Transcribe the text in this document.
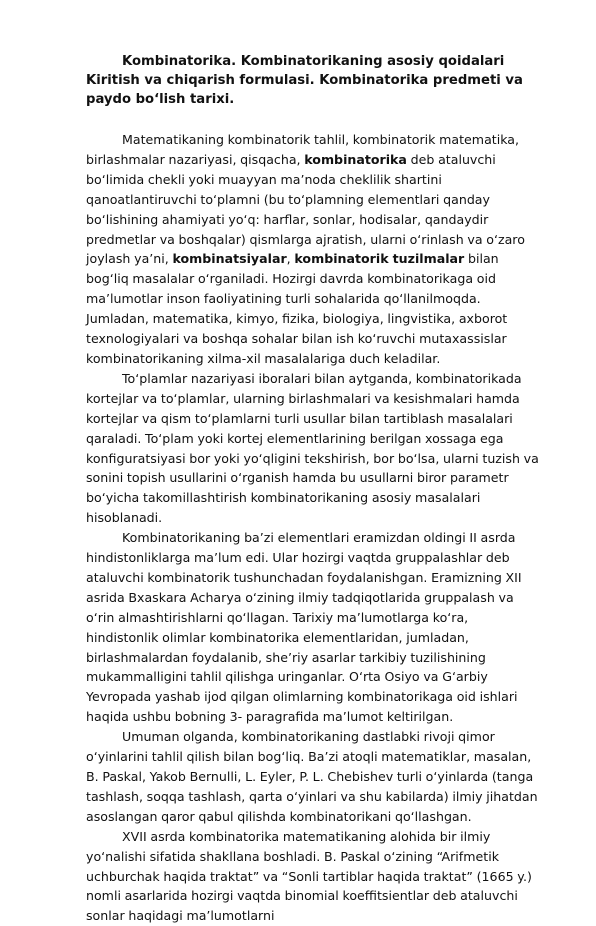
Kombinatorika. Kombinatorikaning asosiy qoidalari Kiritish va chiqarish formulasi. Kombinatorika predmeti va paydo bo‘lish tarixi.

Matematikaning kombinatorik tahlil, kombinatorik matematika, birlashmalar nazariyasi, qisqacha, kombinatorika deb ataluvchi bo‘limida chekli yoki muayyan ma’noda cheklilik shartini qanoatlantiruvchi to‘plamni (bu to‘plamning elementlari qanday bo‘lishining ahamiyati yo‘q: harflar, sonlar, hodisalar, qandaydir predmetlar va boshqalar) qismlarga ajratish, ularni o‘rinlash va o‘zaro joylash ya’ni, kombinatsiyalar, kombinatorik tuzilmalar bilan bog‘liq masalalar o‘rganiladi. Hozirgi davrda kombinatorikaga oid ma’lumotlar inson faoliyatining turli sohalarida qo‘llanilmoqda. Jumladan, matematika, kimyo, fizika, biologiya, lingvistika, axborot texnologiyalari va boshqa sohalar bilan ish ko‘ruvchi mutaxassislar kombinatorikaning xilma-xil masalalariga duch keladilar.

To‘plamlar nazariyasi iboralari bilan aytganda, kombinatorikada kortejlar va to‘plamlar, ularning birlashmalari va kesishmalari hamda kortejlar va qism to‘plamlarni turli usullar bilan tartiblash masalalari qaraladi. To‘plam yoki kortej elementlarining berilgan xossaga ega konfiguratsiyasi bor yoki yo‘qligini tekshirish, bor bo‘lsa, ularni tuzish va sonini topish usullarini o‘rganish hamda bu usullarni biror parametr bo‘yicha takomillashtirish kombinatorikaning asosiy masalalari hisoblanadi.

Kombinatorikaning ba’zi elementlari eramizdan oldingi II asrda hindistonliklarga ma’lum edi. Ular hozirgi vaqtda gruppalashlar deb ataluvchi kombinatorik tushunchadan foydalanishgan. Eramizning XII asrida Bxaskara Acharya o‘zining ilmiy tadqiqotlarida gruppalash va o‘rin almashtirishlarni qo‘llagan. Tarixiy ma’lumotlarga ko‘ra, hindistonlik olimlar kombinatorika elementlaridan, jumladan, birlashmalardan foydalanib, she’riy asarlar tarkibiy tuzilishining mukammalligini tahlil qilishga uringanlar. O‘rta Osiyo va G‘arbiy Yevropada yashab ijod qilgan olimlarning kombinatorikaga oid ishlari haqida ushbu bobning 3- paragrafida ma’lumot keltirilgan.

Umuman olganda, kombinatorikaning dastlabki rivoji qimor o‘yinlarini tahlil qilish bilan bog‘liq. Ba’zi atoqli matematiklar, masalan, B. Paskal, Yakob Bernulli, L. Eyler, P. L. Chebishev turli o‘yinlarda (tanga tashlash, soqqa tashlash, qarta o‘yinlari va shu kabilarda) ilmiy jihatdan asoslangan qaror qabul qilishda kombinatorikani qo‘llashgan.

XVII asrda kombinatorika matematikaning alohida bir ilmiy yo‘nalishi sifatida shakllana boshladi. B. Paskal o‘zining “Arifmetik uchburchak haqida traktat” va “Sonli tartiblar haqida traktat” (1665 y.) nomli asarlarida hozirgi vaqtda binomial koeffitsientlar deb ataluvchi sonlar haqidagi ma’lumotlarni
